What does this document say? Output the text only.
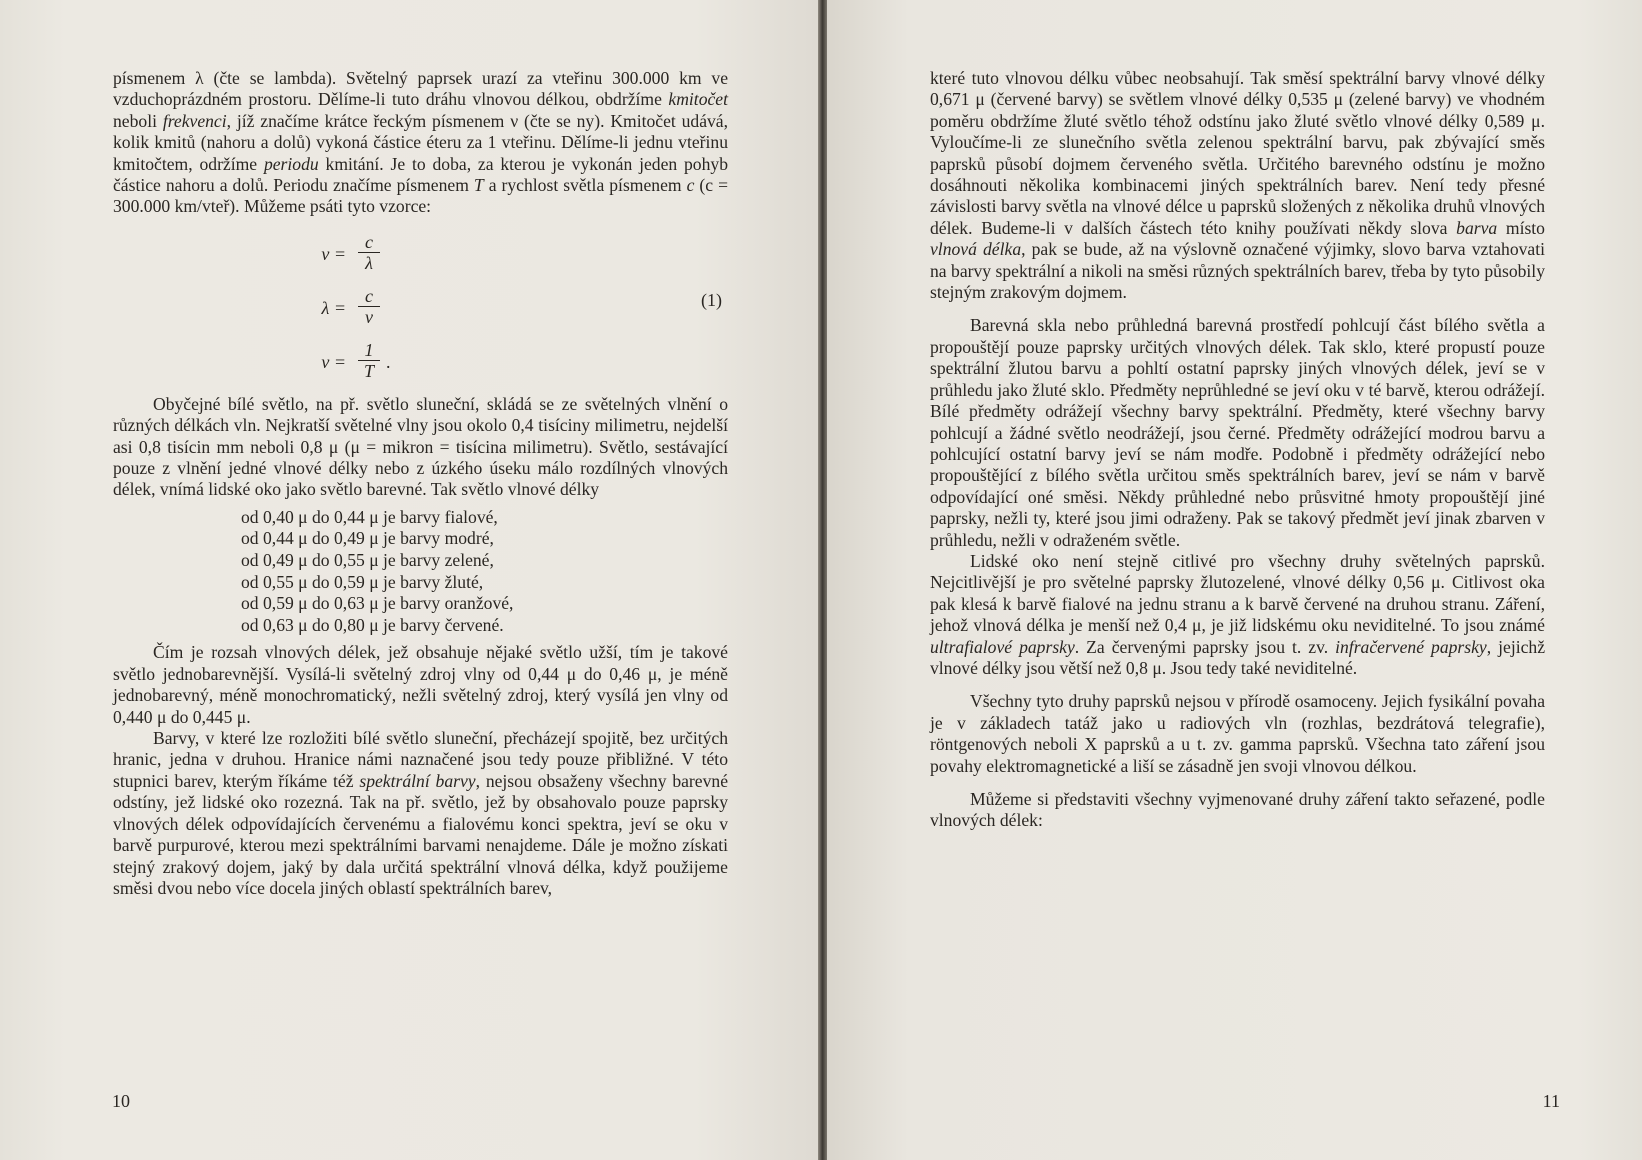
písmenem λ (čte se lambda). Světelný paprsek urazí za vteřinu 300.000 km ve vzduchoprázdném prostoru. Dělíme-li tuto dráhu vlnovou délkou, obdržíme kmitočet neboli frekvenci, jíž značíme krátce řeckým písmenem ν (čte se ny). Kmitočet udává, kolik kmitů (nahoru a dolů) vykoná částice éteru za 1 vteřinu. Dělíme-li jednu vteřinu kmitočtem, održíme periodu kmitání. Je to doba, za kterou je vykonán jeden pohyb částice nahoru a dolů. Periodu značíme písmenem T a rychlost světla písmenem c (c = 300.000 km/vteř). Můžeme psáti tyto vzorce:

ν =
c
λ
λ =
c
ν
ν =
1
T .
(1)

Obyčejné bílé světlo, na př. světlo sluneční, skládá se ze světelných vlnění o různých délkách vln. Nejkratší světelné vlny jsou okolo 0,4 tisíciny milimetru, nejdelší asi 0,8 tisícin mm neboli 0,8 μ (μ = mikron = tisícina milimetru). Světlo, sestávající pouze z vlnění jedné vlnové délky nebo z úzkého úseku málo rozdílných vlnových délek, vnímá lidské oko jako světlo barevné. Tak světlo vlnové délky

od 0,40 μ do 0,44 μ je barvy fialové,
od 0,44 μ do 0,49 μ je barvy modré,
od 0,49 μ do 0,55 μ je barvy zelené,
od 0,55 μ do 0,59 μ je barvy žluté,
od 0,59 μ do 0,63 μ je barvy oranžové,
od 0,63 μ do 0,80 μ je barvy červené.

Čím je rozsah vlnových délek, jež obsahuje nějaké světlo užší, tím je takové světlo jednobarevnější. Vysílá-li světelný zdroj vlny od 0,44 μ do 0,46 μ, je méně jednobarevný, méně monochromatický, nežli světelný zdroj, který vysílá jen vlny od 0,440 μ do 0,445 μ.

Barvy, v které lze rozložiti bílé světlo sluneční, přecházejí spojitě, bez určitých hranic, jedna v druhou. Hranice námi naznačené jsou tedy pouze přibližné. V této stupnici barev, kterým říkáme též spektrální barvy, nejsou obsaženy všechny barevné odstíny, jež lidské oko rozezná. Tak na př. světlo, jež by obsahovalo pouze paprsky vlnových délek odpovídajících červenému a fialovému konci spektra, jeví se oku v barvě purpurové, kterou mezi spektrálními barvami nenajdeme. Dále je možno získati stejný zrakový dojem, jaký by dala určitá spektrální vlnová délka, když použijeme směsi dvou nebo více docela jiných oblastí spektrálních barev,

10

které tuto vlnovou délku vůbec neobsahují. Tak směsí spektrální barvy vlnové délky 0,671 μ (červené barvy) se světlem vlnové délky 0,535 μ (zelené barvy) ve vhodném poměru obdržíme žluté světlo téhož odstínu jako žluté světlo vlnové délky 0,589 μ. Vyloučíme-li ze slunečního světla zelenou spektrální barvu, pak zbývající směs paprsků působí dojmem červeného světla. Určitého barevného odstínu je možno dosáhnouti několika kombinacemi jiných spektrálních barev. Není tedy přesné závislosti barvy světla na vlnové délce u paprsků složených z několika druhů vlnových délek. Budeme-li v dalších částech této knihy používati někdy slova barva místo vlnová délka, pak se bude, až na výslovně označené výjimky, slovo barva vztahovati na barvy spektrální a nikoli na směsi různých spektrálních barev, třeba by tyto působily stejným zrakovým dojmem.

Barevná skla nebo průhledná barevná prostředí pohlcují část bílého světla a propouštějí pouze paprsky určitých vlnových délek. Tak sklo, které propustí pouze spektrální žlutou barvu a pohltí ostatní paprsky jiných vlnových délek, jeví se v průhledu jako žluté sklo. Předměty neprůhledné se jeví oku v té barvě, kterou odrážejí. Bílé předměty odrážejí všechny barvy spektrální. Předměty, které všechny barvy pohlcují a žádné světlo neodrážejí, jsou černé. Předměty odrážející modrou barvu a pohlcující ostatní barvy jeví se nám modře. Podobně i předměty odrážející nebo propouštějící z bílého světla určitou směs spektrálních barev, jeví se nám v barvě odpovídající oné směsi. Někdy průhledné nebo průsvitné hmoty propouštějí jiné paprsky, nežli ty, které jsou jimi odraženy. Pak se takový předmět jeví jinak zbarven v průhledu, nežli v odraženém světle.

Lidské oko není stejně citlivé pro všechny druhy světelných paprsků. Nejcitlivější je pro světelné paprsky žlutozelené, vlnové délky 0,56 μ. Citlivost oka pak klesá k barvě fialové na jednu stranu a k barvě červené na druhou stranu. Záření, jehož vlnová délka je menší než 0,4 μ, je již lidskému oku neviditelné. To jsou známé ultrafialové paprsky. Za červenými paprsky jsou t. zv. infračervené paprsky, jejichž vlnové délky jsou větší než 0,8 μ. Jsou tedy také neviditelné.

Všechny tyto druhy paprsků nejsou v přírodě osamoceny. Jejich fysikální povaha je v základech tatáž jako u radiových vln (rozhlas, bezdrátová telegrafie), röntgenových neboli X paprsků a u t. zv. gamma paprsků. Všechna tato záření jsou povahy elektromagnetické a liší se zásadně jen svoji vlnovou délkou.

Můžeme si představiti všechny vyjmenované druhy záření takto seřazené, podle vlnových délek:

11
